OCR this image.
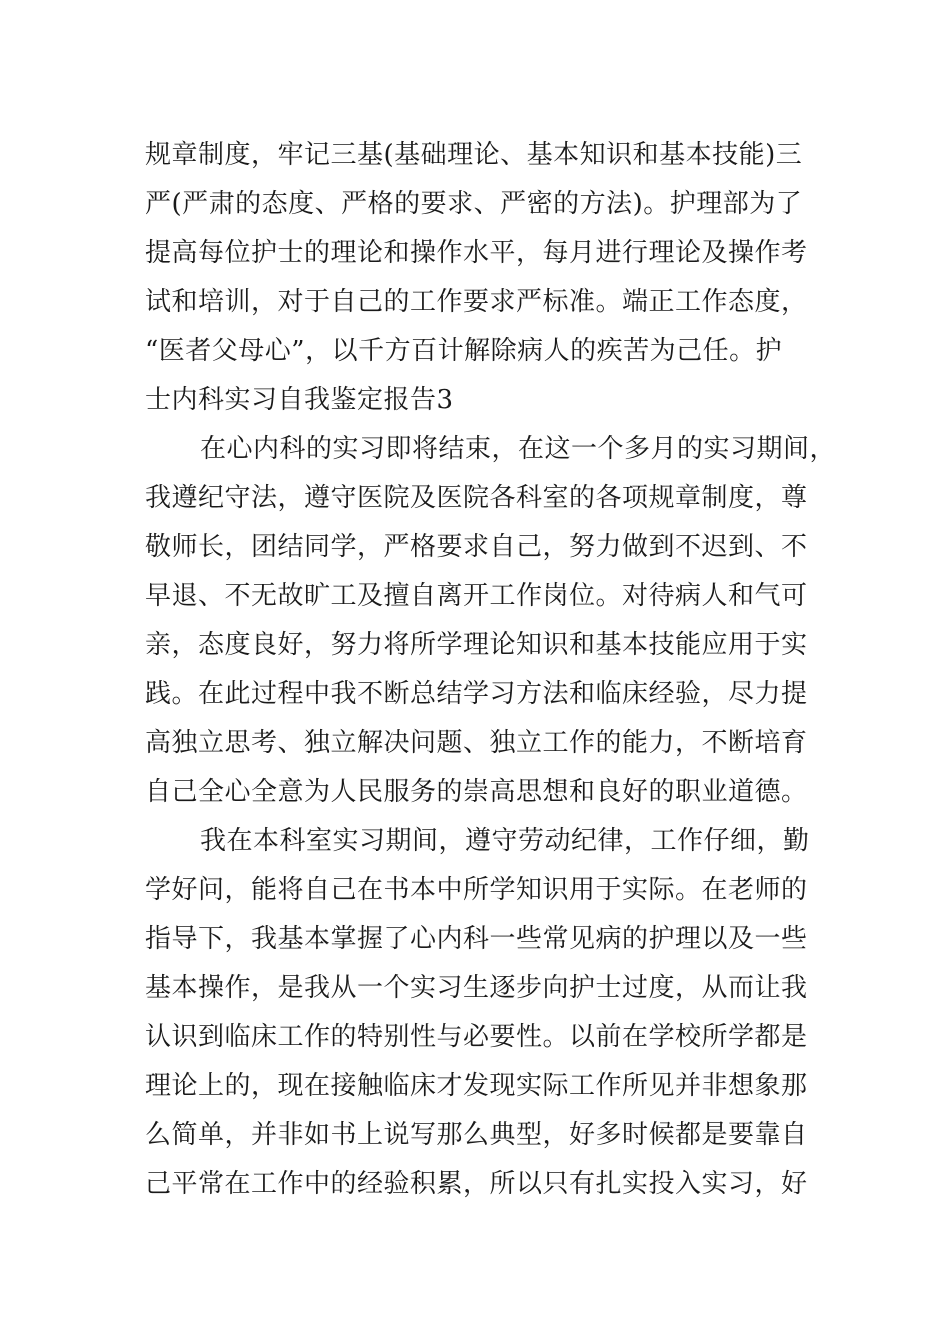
规章制度，牢记三基(基础理论、基本知识和基本技能)三
严(严肃的态度、严格的要求、严密的方法)。护理部为了
提高每位护士的理论和操作水平，每月进行理论及操作考
试和培训，对于自己的工作要求严标准。端正工作态度，
“医者父母心”，以千方百计解除病人的疾苦为己任。护
士内科实习自我鉴定报告3
在心内科的实习即将结束，在这一个多月的实习期间，
我遵纪守法，遵守医院及医院各科室的各项规章制度，尊
敬师长，团结同学，严格要求自己，努力做到不迟到、不
早退、不无故旷工及擅自离开工作岗位。对待病人和气可
亲，态度良好，努力将所学理论知识和基本技能应用于实
践。在此过程中我不断总结学习方法和临床经验，尽力提
高独立思考、独立解决问题、独立工作的能力，不断培育
自己全心全意为人民服务的崇高思想和良好的职业道德。
我在本科室实习期间，遵守劳动纪律，工作仔细，勤
学好问，能将自己在书本中所学知识用于实际。在老师的
指导下，我基本掌握了心内科一些常见病的护理以及一些
基本操作，是我从一个实习生逐步向护士过度，从而让我
认识到临床工作的特别性与必要性。以前在学校所学都是
理论上的，现在接触临床才发现实际工作所见并非想象那
么简单，并非如书上说写那么典型，好多时候都是要靠自
己平常在工作中的经验积累，所以只有扎实投入实习，好
